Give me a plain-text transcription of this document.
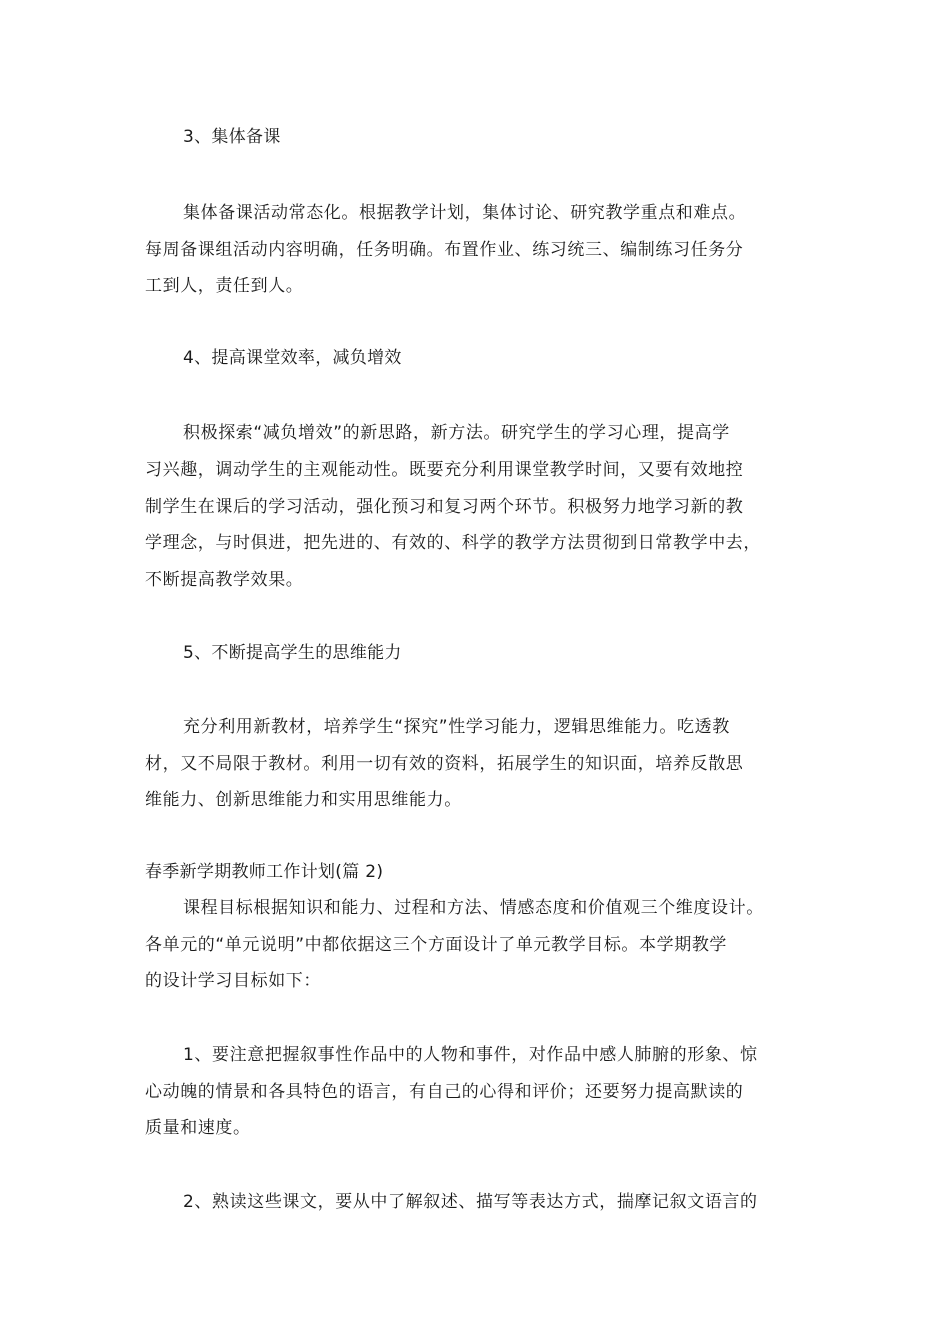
3、集体备课
集体备课活动常态化。根据教学计划，集体讨论、研究教学重点和难点。
每周备课组活动内容明确，任务明确。布置作业、练习统三、编制练习任务分
工到人，责任到人。
4、提高课堂效率，减负增效
积极探索“减负增效”的新思路，新方法。研究学生的学习心理，提高学
习兴趣，调动学生的主观能动性。既要充分利用课堂教学时间，又要有效地控
制学生在课后的学习活动，强化预习和复习两个环节。积极努力地学习新的教
学理念，与时俱进，把先进的、有效的、科学的教学方法贯彻到日常教学中去，
不断提高教学效果。
5、不断提高学生的思维能力
充分利用新教材，培养学生“探究”性学习能力，逻辑思维能力。吃透教
材，又不局限于教材。利用一切有效的资料，拓展学生的知识面，培养反散思
维能力、创新思维能力和实用思维能力。
春季新学期教师工作计划(篇 2)
课程目标根据知识和能力、过程和方法、情感态度和价值观三个维度设计。
各单元的“单元说明”中都依据这三个方面设计了单元教学目标。本学期教学
的设计学习目标如下：
1、要注意把握叙事性作品中的人物和事件，对作品中感人肺腑的形象、惊
心动魄的情景和各具特色的语言，有自己的心得和评价；还要努力提高默读的
质量和速度。
2、熟读这些课文，要从中了解叙述、描写等表达方式，揣摩记叙文语言的
